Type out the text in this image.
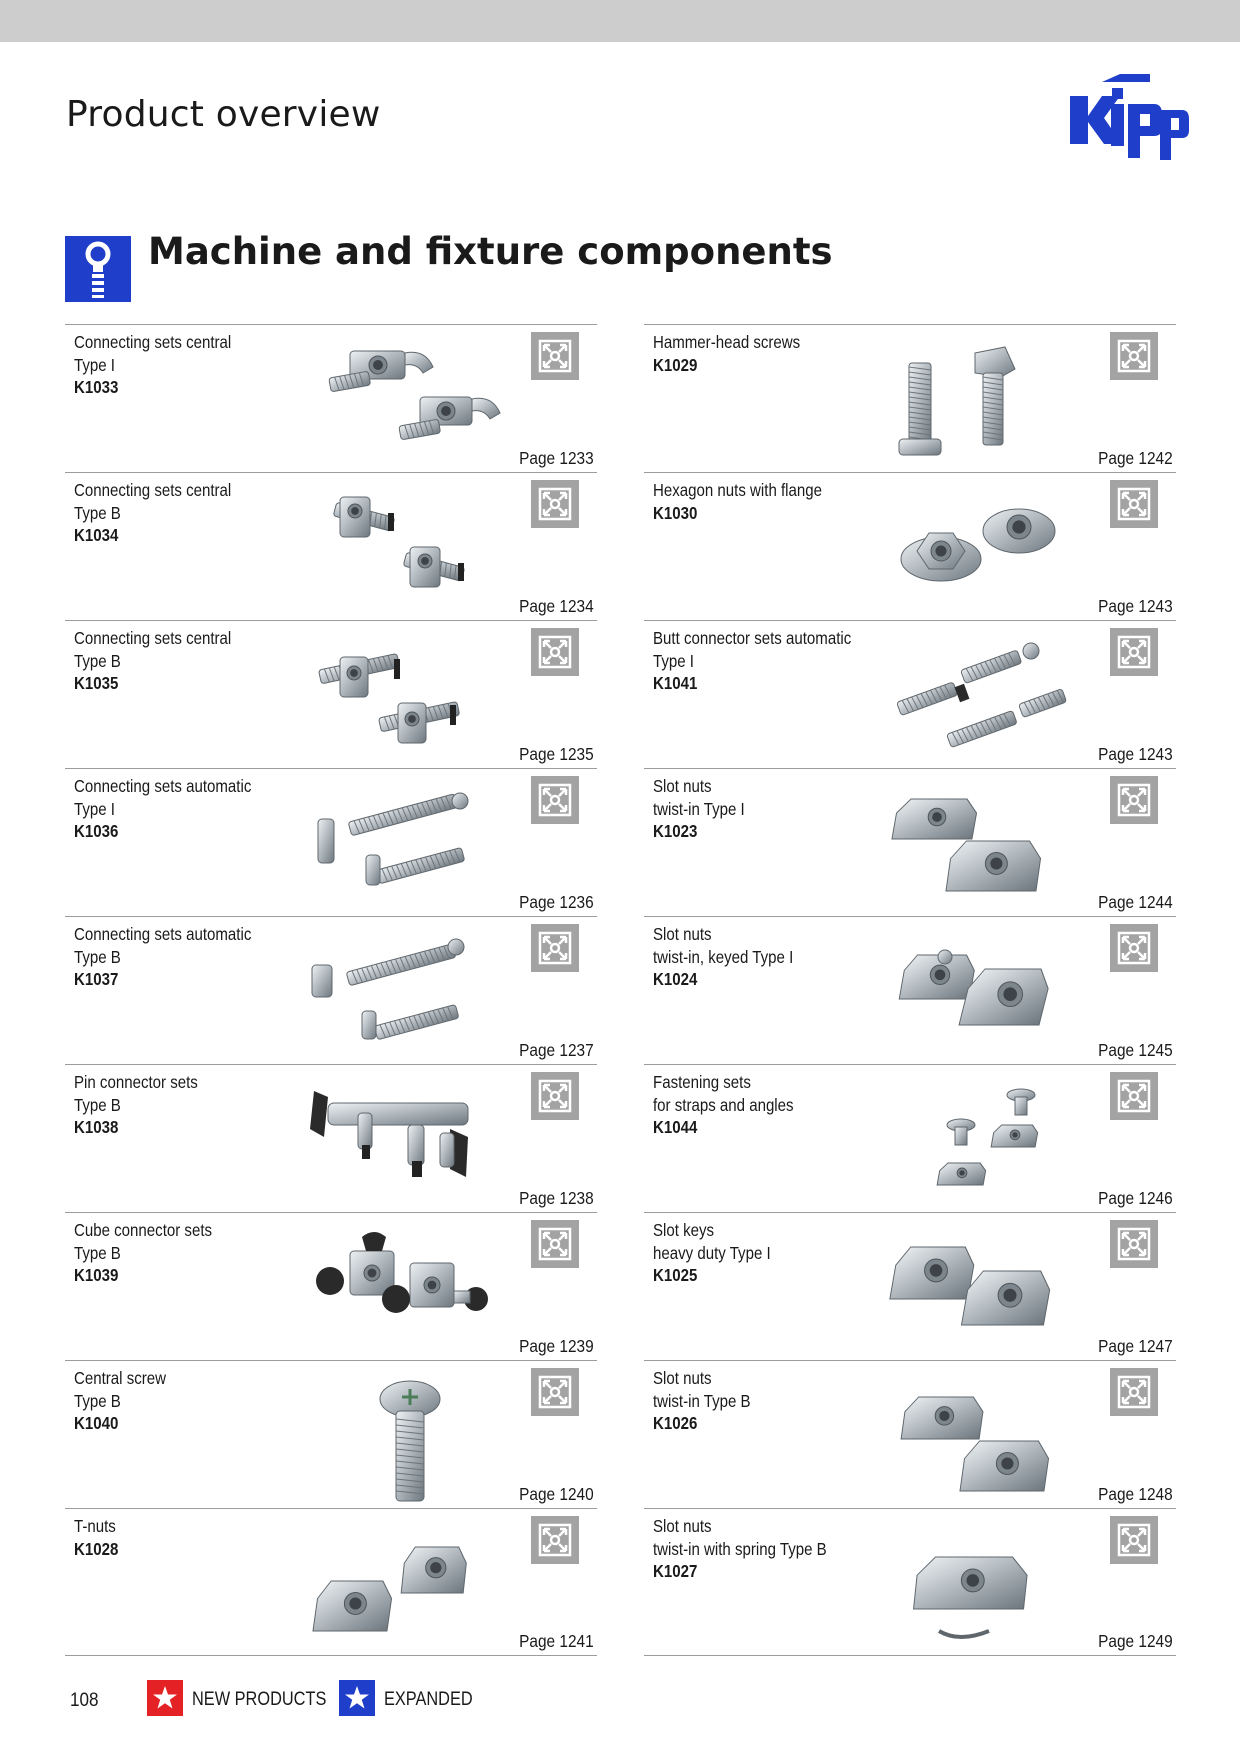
Product overview
Machine and fixture components
Connecting sets central
Type I
K1033
Page 1233
Connecting sets central
Type B
K1034
Page 1234
Connecting sets central
Type B
K1035
Page 1235
Connecting sets automatic
Type I
K1036
Page 1236
Connecting sets automatic
Type B
K1037
Page 1237
Pin connector sets
Type B
K1038
Page 1238
Cube connector sets
Type B
K1039
Page 1239
Central screw
Type B
K1040
Page 1240
T-nuts
K1028
Page 1241
Hammer-head screws
K1029
Page 1242
Hexagon nuts with flange
K1030
Page 1243
Butt connector sets automatic
Type I
K1041
Page 1243
Slot nuts
twist-in Type I
K1023
Page 1244
Slot nuts
twist-in, keyed Type I
K1024
Page 1245
Fastening sets
for straps and angles
K1044
Page 1246
Slot keys
heavy duty Type I
K1025
Page 1247
Slot nuts
twist-in Type B
K1026
Page 1248
Slot nuts
twist-in with spring Type B
K1027
Page 1249
108	NEW PRODUCTS	EXPANDED
